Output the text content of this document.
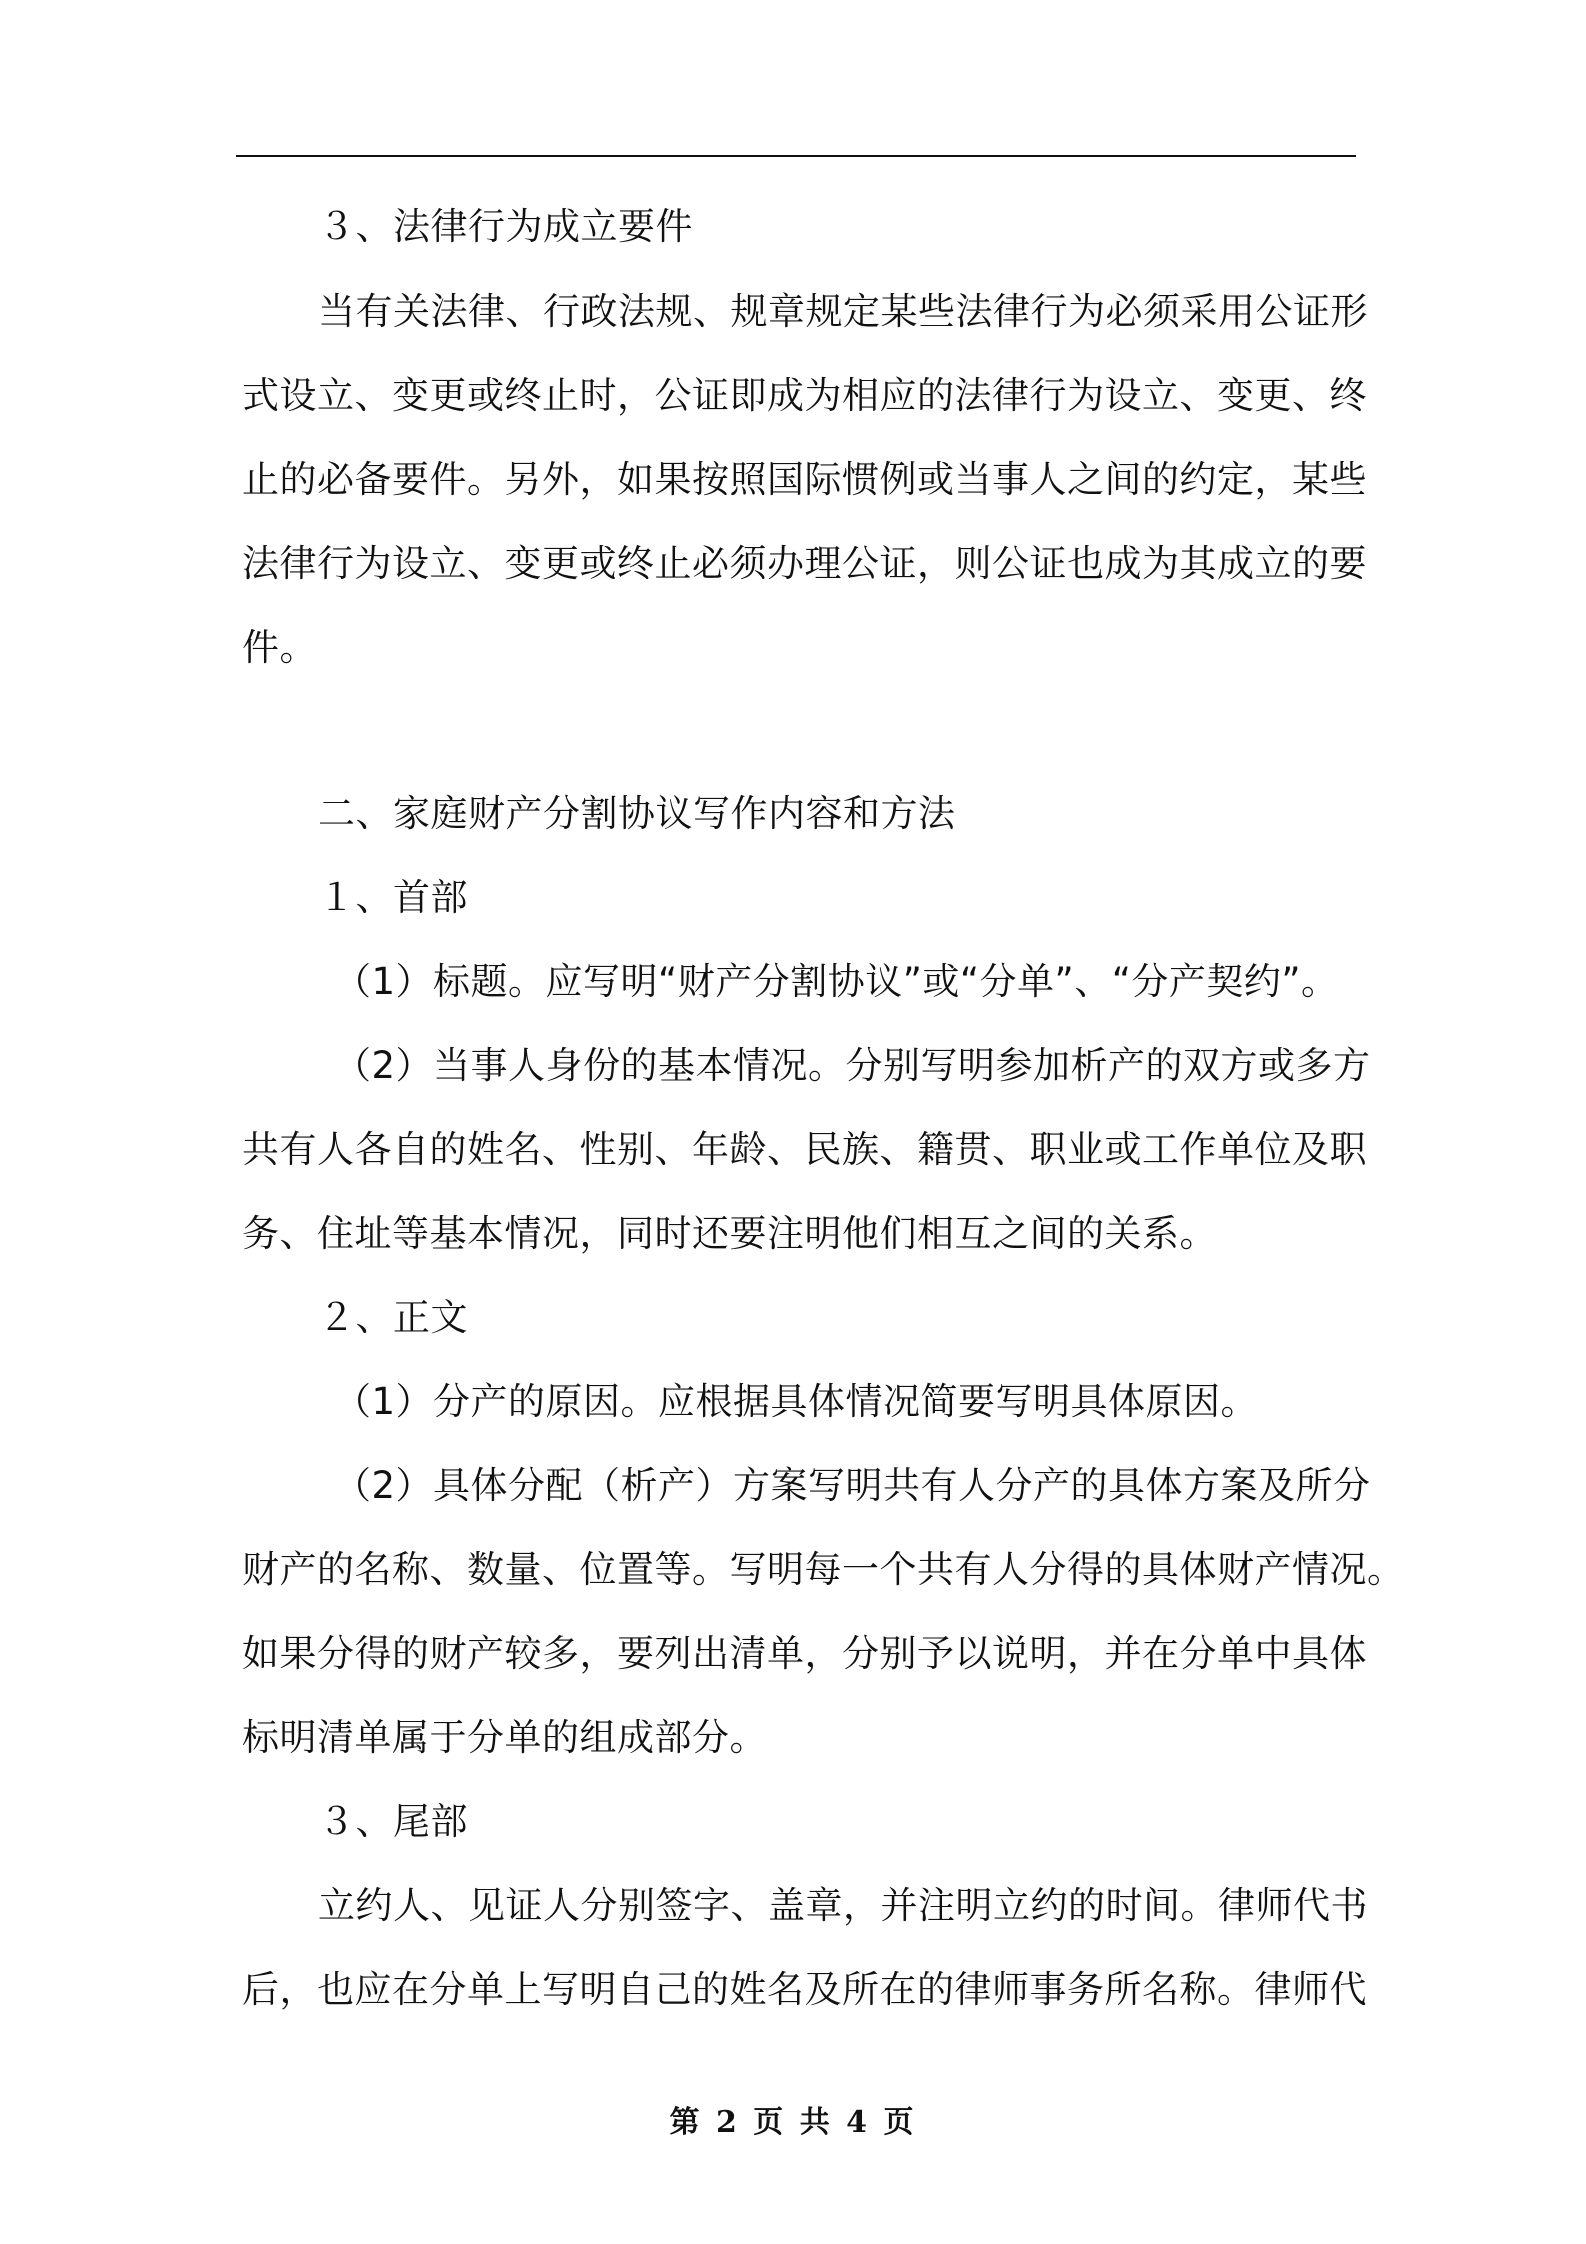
３、法律行为成立要件
当有关法律、行政法规、规章规定某些法律行为必须采用公证形
式设立、变更或终止时，公证即成为相应的法律行为设立、变更、终
止的必备要件。另外，如果按照国际惯例或当事人之间的约定，某些
法律行为设立、变更或终止必须办理公证，则公证也成为其成立的要
件。
二、家庭财产分割协议写作内容和方法
１、首部
（1）标题。应写明“财产分割协议”或“分单”、“分产契约”。
（2）当事人身份的基本情况。分别写明参加析产的双方或多方
共有人各自的姓名、性别、年龄、民族、籍贯、职业或工作单位及职
务、住址等基本情况，同时还要注明他们相互之间的关系。
２、正文
（1）分产的原因。应根据具体情况简要写明具体原因。
（2）具体分配（析产）方案写明共有人分产的具体方案及所分
财产的名称、数量、位置等。写明每一个共有人分得的具体财产情况。
如果分得的财产较多，要列出清单，分别予以说明，并在分单中具体
标明清单属于分单的组成部分。
３、尾部
立约人、见证人分别签字、盖章，并注明立约的时间。律师代书
后，也应在分单上写明自己的姓名及所在的律师事务所名称。律师代
第 2 页 共 4 页
